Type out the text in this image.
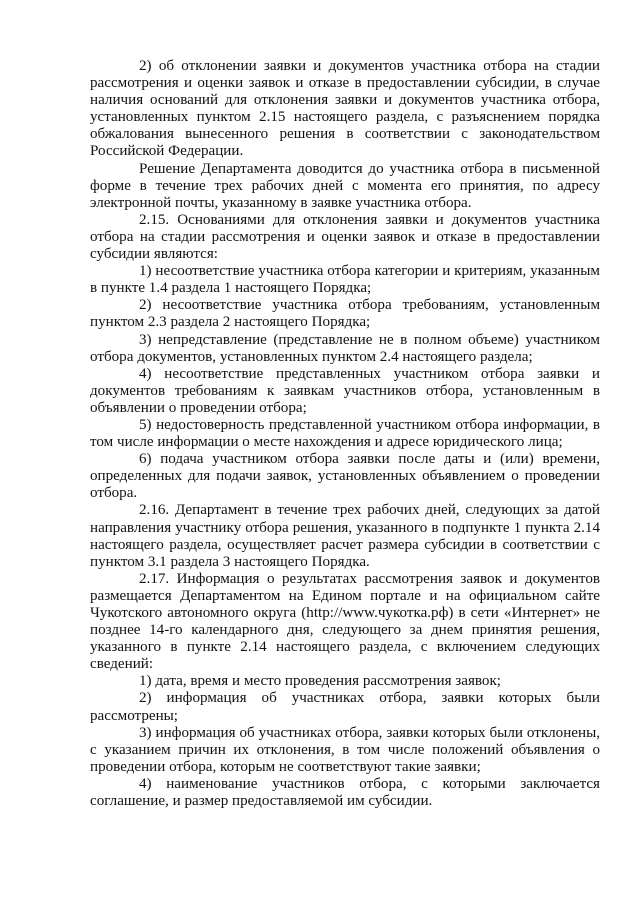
2) об отклонении заявки и документов участника отбора на стадии рассмотрения и оценки заявок и отказе в предоставлении субсидии, в случае наличия оснований для отклонения заявки и документов участника отбора, установленных пунктом 2.15 настоящего раздела, с разъяснением порядка обжалования вынесенного решения в соответствии с законодательством Российской Федерации.

Решение Департамента доводится до участника отбора в письменной форме в течение трех рабочих дней с момента его принятия, по адресу электронной почты, указанному в заявке участника отбора.

2.15. Основаниями для отклонения заявки и документов участника отбора на стадии рассмотрения и оценки заявок и отказе в предоставлении субсидии являются:

1) несоответствие участника отбора категории и критериям, указанным в пункте 1.4 раздела 1 настоящего Порядка;

2) несоответствие участника отбора требованиям, установленным пунктом 2.3 раздела 2 настоящего Порядка;

3) непредставление (представление не в полном объеме) участником отбора документов, установленных пунктом 2.4 настоящего раздела;

4) несоответствие представленных участником отбора заявки и документов требованиям к заявкам участников отбора, установленным в объявлении о проведении отбора;

5) недостоверность представленной участником отбора информации, в том числе информации о месте нахождения и адресе юридического лица;

6) подача участником отбора заявки после даты и (или) времени, определенных для подачи заявок, установленных объявлением о проведении отбора.

2.16. Департамент в течение трех рабочих дней, следующих за датой направления участнику отбора решения, указанного в подпункте 1 пункта 2.14 настоящего раздела, осуществляет расчет размера субсидии в соответствии с пунктом 3.1 раздела 3 настоящего Порядка.

2.17. Информация о результатах рассмотрения заявок и документов размещается Департаментом на Едином портале и на официальном сайте Чукотского автономного округа (http://www.чукотка.рф) в сети «Интернет» не позднее 14-го календарного дня, следующего за днем принятия решения, указанного в пункте 2.14 настоящего раздела, с включением следующих сведений:

1) дата, время и место проведения рассмотрения заявок;

2) информация об участниках отбора, заявки которых были рассмотрены;

3) информация об участниках отбора, заявки которых были отклонены, с указанием причин их отклонения, в том числе положений объявления о проведении отбора, которым не соответствуют такие заявки;

4) наименование участников отбора, с которыми заключается соглашение, и размер предоставляемой им субсидии.
